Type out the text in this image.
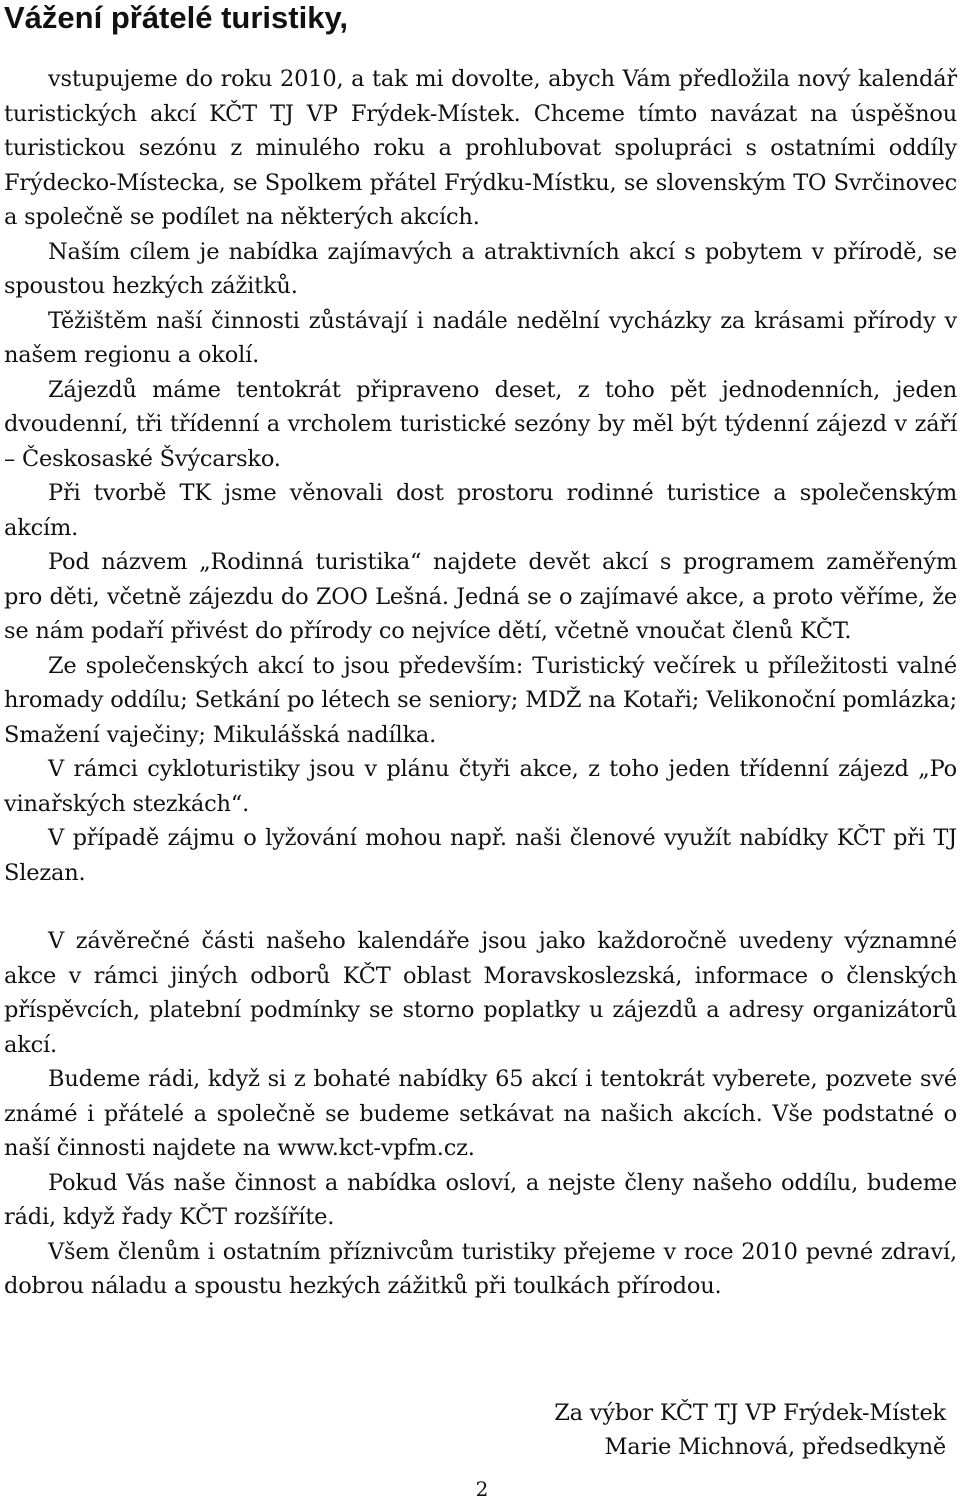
Vážení přátelé turistiky,

vstupujeme do roku 2010, a tak mi dovolte, abych Vám předložila nový kalendář turistických akcí KČT TJ VP Frýdek-Místek. Chceme tímto navázat na úspěšnou turistickou sezónu z minulého roku a prohlubovat spolupráci s ostatními oddíly Frýdecko-Místecka, se Spolkem přátel Frýdku-Místku, se slovenským TO Svrčinovec a společně se podílet na některých akcích.

Naším cílem je nabídka zajímavých a atraktivních akcí s pobytem v přírodě, se spoustou hezkých zážitků.

Těžištěm naší činnosti zůstávají i nadále nedělní vycházky za krásami přírody v našem regionu a okolí.

Zájezdů máme tentokrát připraveno deset, z toho pět jednodenních, jeden dvoudenní, tři třídenní a vrcholem turistické sezóny by měl být týdenní zájezd v září – Českosaské Švýcarsko.

Při tvorbě TK jsme věnovali dost prostoru rodinné turistice a společenským akcím.

Pod názvem „Rodinná turistika“ najdete devět akcí s programem zaměřeným pro děti, včetně zájezdu do ZOO Lešná. Jedná se o zajímavé akce, a proto věříme, že se nám podaří přivést do přírody co nejvíce dětí, včetně vnoučat členů KČT.

Ze společenských akcí to jsou především: Turistický večírek u příležitosti valné hromady oddílu; Setkání po létech se seniory; MDŽ na Kotaři; Velikonoční pomlázka; Smažení vaječiny; Mikulášská nadílka.

V rámci cykloturistiky jsou v plánu čtyři akce, z toho jeden třídenní zájezd „Po vinařských stezkách“.

V případě zájmu o lyžování mohou např. naši členové využít nabídky KČT při TJ Slezan.

V závěrečné části našeho kalendáře jsou jako každoročně uvedeny významné akce v rámci jiných odborů KČT oblast Moravskoslezská, informace o členských příspěvcích, platební podmínky se storno poplatky u zájezdů a adresy organizátorů akcí.

Budeme rádi, když si z bohaté nabídky 65 akcí i tentokrát vyberete, pozvete své známé i přátelé a společně se budeme setkávat na našich akcích. Vše podstatné o naší činnosti najdete na www.kct-vpfm.cz.

Pokud Vás naše činnost a nabídka osloví, a nejste členy našeho oddílu, budeme rádi, když řady KČT rozšíříte.

Všem členům i ostatním příznivcům turistiky přejeme v roce 2010 pevné zdraví, dobrou náladu a spoustu hezkých zážitků při toulkách přírodou.

Za výbor KČT TJ VP Frýdek-Místek
Marie Michnová, předsedkyně
2
